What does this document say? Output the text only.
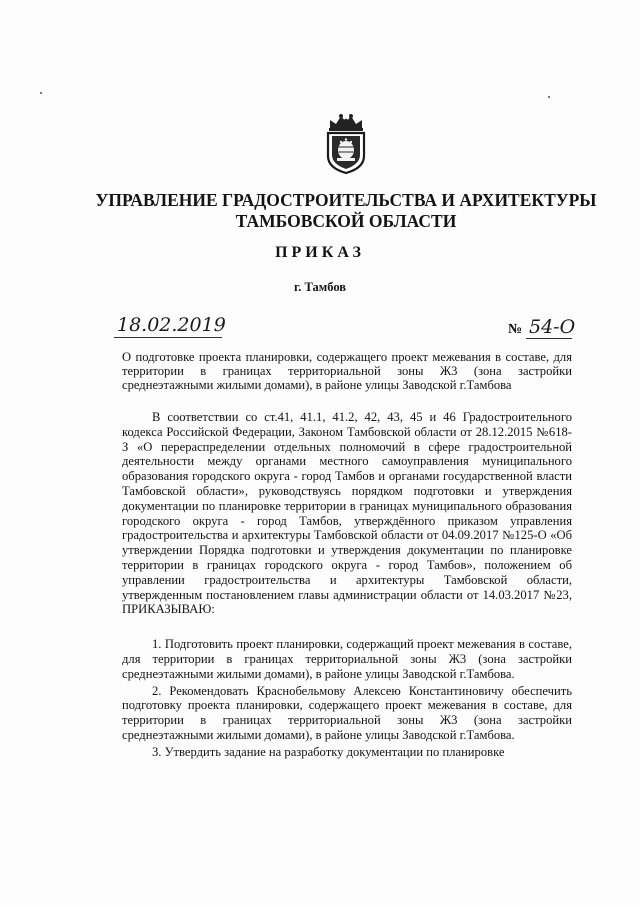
УПРАВЛЕНИЕ ГРАДОСТРОИТЕЛЬСТВА И АРХИТЕКТУРЫ ТАМБОВСКОЙ ОБЛАСТИ
ПРИКАЗ
г. Тамбов
18.02.2019	№ 54-О
О подготовке проекта планировки, содержащего проект межевания в составе, для территории в границах территориальной зоны Ж3 (зона застройки среднеэтажными жилыми домами), в районе улицы Заводской г.Тамбова

В соответствии со ст.41, 41.1, 41.2, 42, 43, 45 и 46 Градостроительного кодекса Российской Федерации, Законом Тамбовской области от 28.12.2015 №618-З «О перераспределении отдельных полномочий в сфере градостроительной деятельности между органами местного самоуправления муниципального образования городского округа - город Тамбов и органами государственной власти Тамбовской области», руководствуясь порядком подготовки и утверждения документации по планировке территории в границах муниципального образования городского округа - город Тамбов, утверждённого приказом управления градостроительства и архитектуры Тамбовской области от 04.09.2017 №125-О «Об утверждении Порядка подготовки и утверждения документации по планировке территории в границах городского округа - город Тамбов», положением об управлении градостроительства и архитектуры Тамбовской области, утвержденным постановлением главы администрации области от 14.03.2017 №23, ПРИКАЗЫВАЮ:

1. Подготовить проект планировки, содержащий проект межевания в составе, для территории в границах территориальной зоны Ж3 (зона застройки среднеэтажными жилыми домами), в районе улицы Заводской г.Тамбова.

2. Рекомендовать Краснобельмову Алексею Константиновичу обеспечить подготовку проекта планировки, содержащего проект межевания в составе, для территории в границах территориальной зоны Ж3 (зона застройки среднеэтажными жилыми домами), в районе улицы Заводской г.Тамбова.

3. Утвердить задание на разработку документации по планировке
